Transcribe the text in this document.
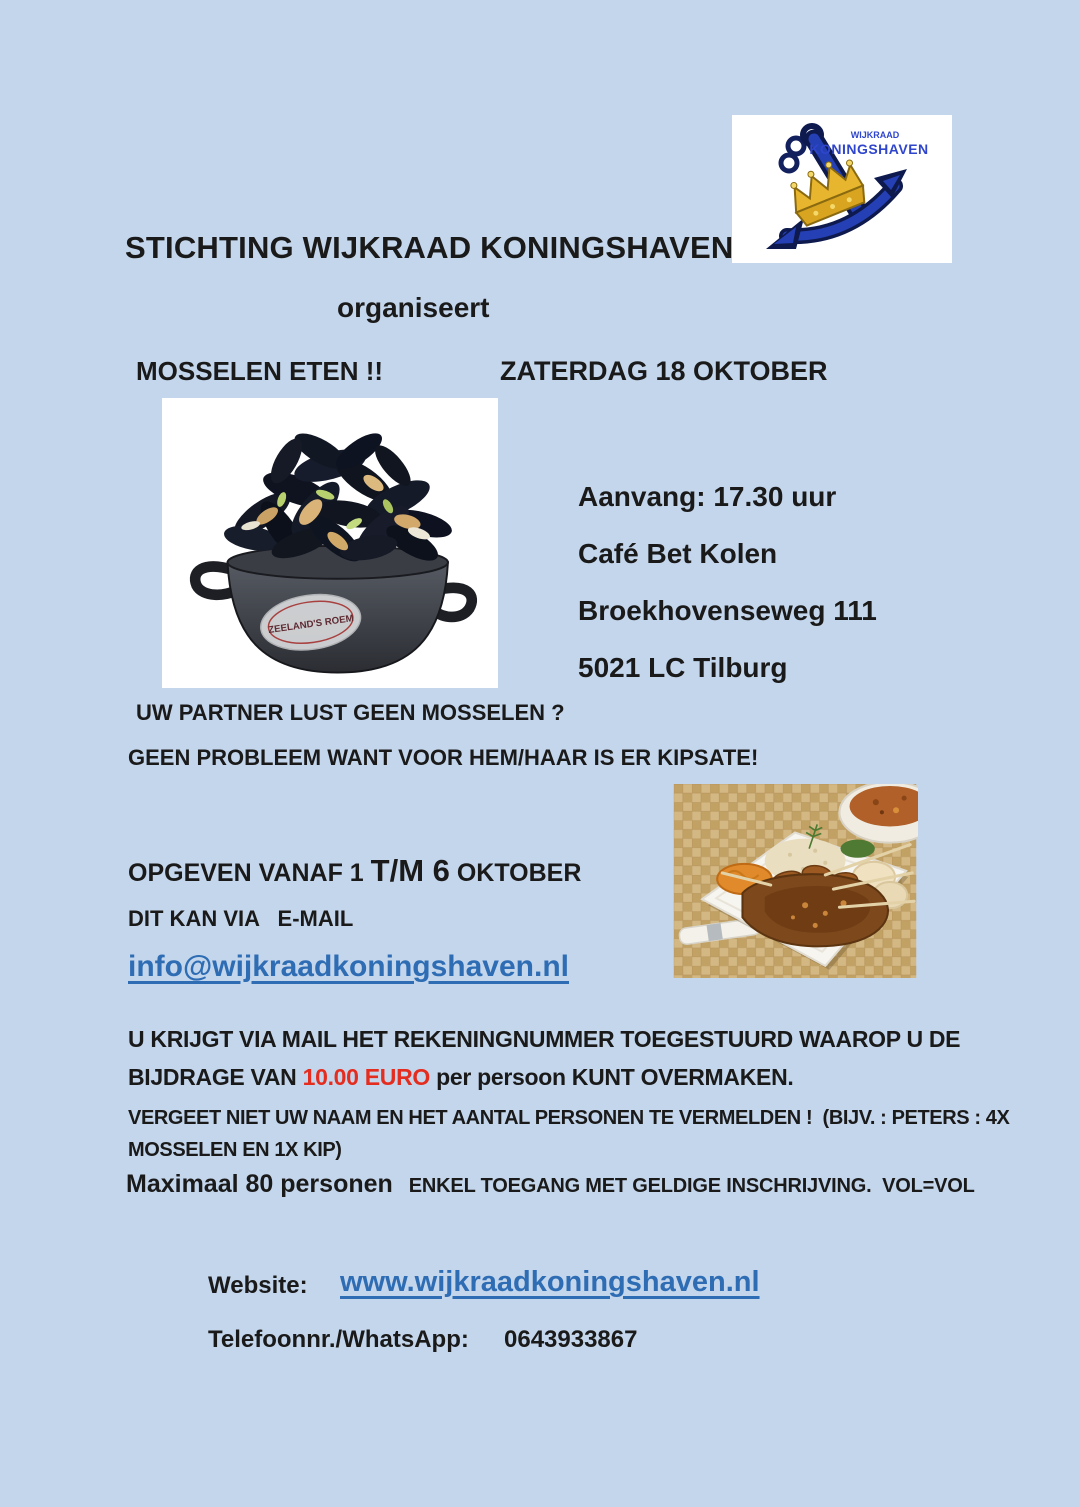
WIJKRAAD
KONINGSHAVEN
STICHTING WIJKRAAD KONINGSHAVEN
organiseert
MOSSELEN ETEN !!	ZATERDAG 18 OKTOBER
ZEELAND'S ROEM
Aanvang: 17.30 uur
Café Bet Kolen
Broekhovenseweg 111
5021 LC Tilburg
UW PARTNER LUST GEEN MOSSELEN ?
GEEN PROBLEEM WANT VOOR HEM/HAAR IS ER KIPSATE!
OPGEVEN VANAF 1 T/M 6 OKTOBER
DIT KAN VIA   E-MAIL
info@wijkraadkoningshaven.nl
U KRIJGT VIA MAIL HET REKENINGNUMMER TOEGESTUURD WAAROP U DE
BIJDRAGE VAN 10.00 EURO per persoon KUNT OVERMAKEN.
VERGEET NIET UW NAAM EN HET AANTAL PERSONEN TE VERMELDEN !  (BIJV. : PETERS : 4X
MOSSELEN EN 1X KIP)
Maximaal 80 personen ENKEL TOEGANG MET GELDIGE INSCHRIJVING.  VOL=VOL
Website: www.wijkraadkoningshaven.nl
Telefoonnr./WhatsApp: 0643933867
